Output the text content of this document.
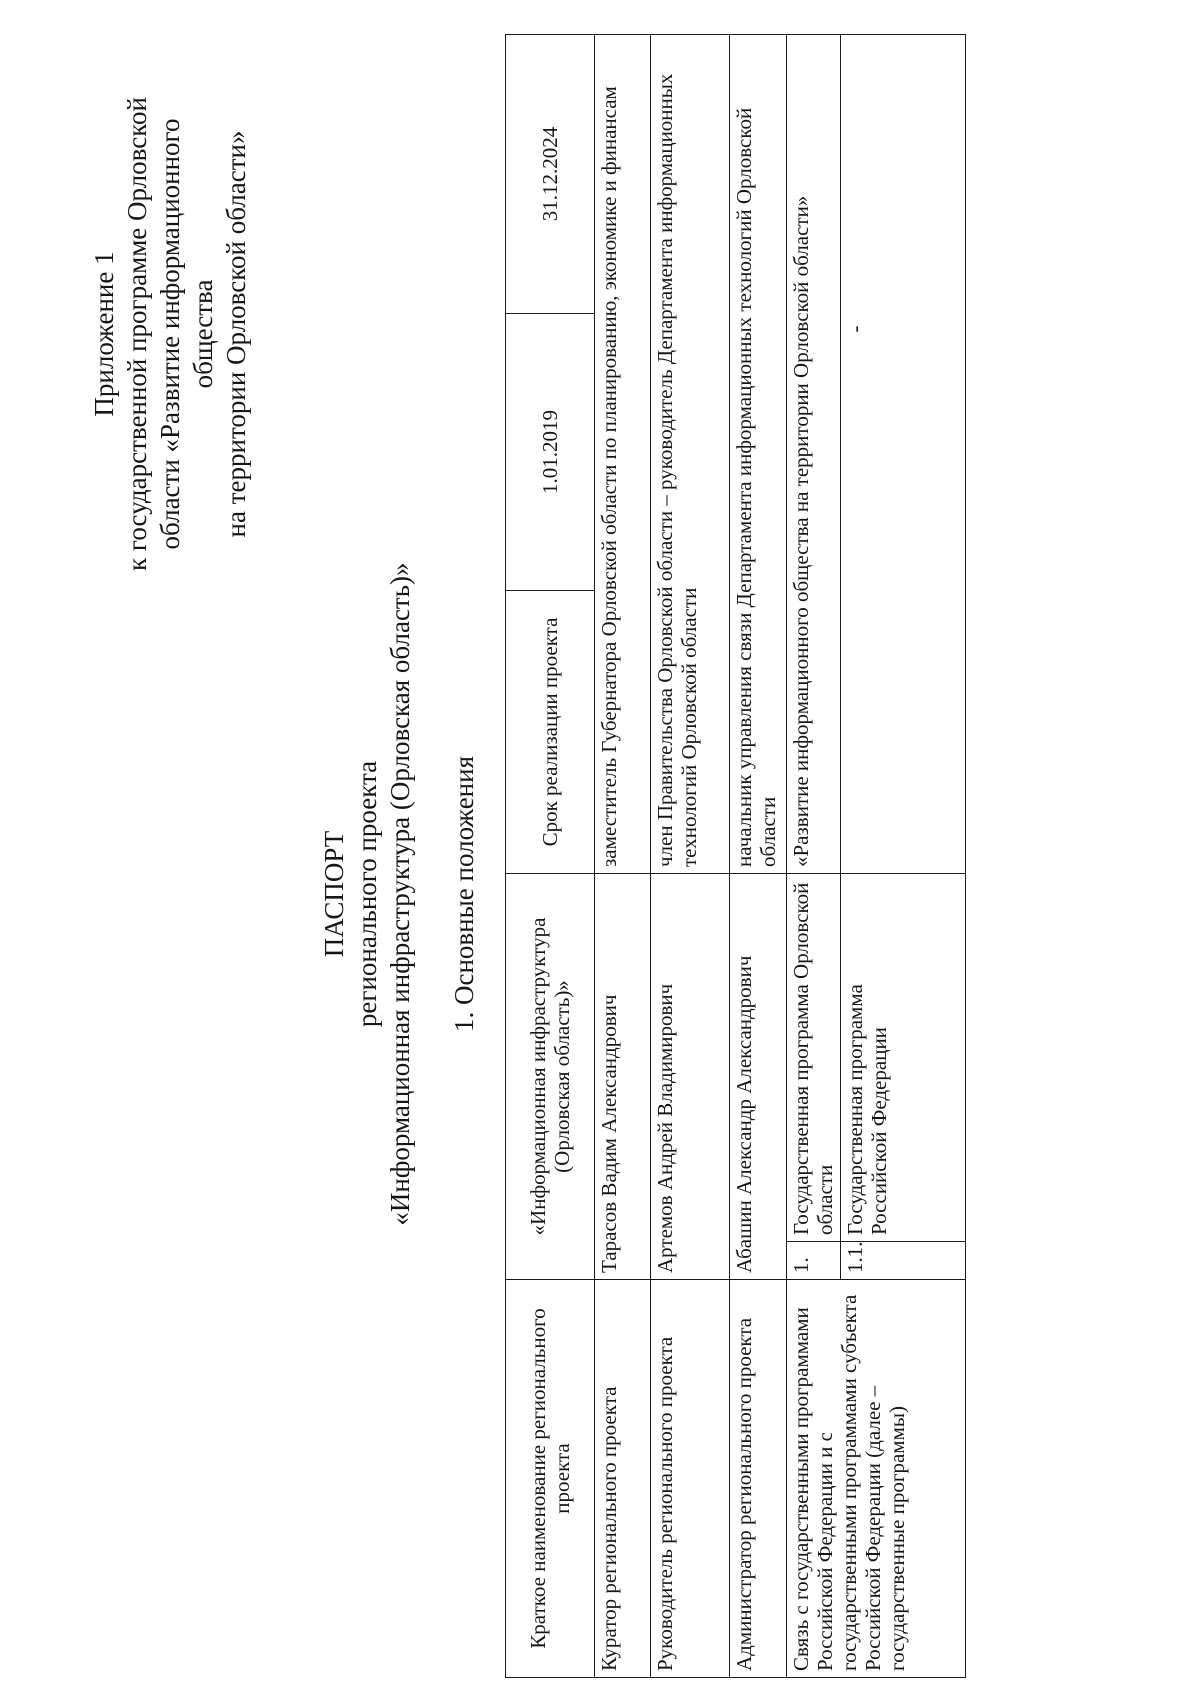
Приложение 1 к государственной программе Орловской области «Развитие информационного общества на территории Орловской области»
ПАСПОРТ регионального проекта «Информационная инфраструктура (Орловская область)» 1. Основные положения
Краткое наименование регионального проекта	«Информационная инфраструктура (Орловская область)»		Срок реализации проекта	1.01.2019	31.12.2024
Куратор регионального проекта	Тарасов Вадим Александрович		заместитель Губернатора Орловской области по планированию, экономике и финансам		
Руководитель регионального проекта	Артемов Андрей Владимирович		член Правительства Орловской области – руководитель Департамента информационных технологий Орловской области		
Администратор регионального проекта	Абашин Александр Александрович		начальник управления связи Департамента информационных технологий Орловской области		
Связь с государственными программами Российской Федерации и с государственными программами субъекта Российской Федерации (далее – государственные программы)	1.	Государственная программа Орловской области	«Развитие информационного общества на территории Орловской области»		
	1.1.	Государственная программа Российской Федерации	-		
